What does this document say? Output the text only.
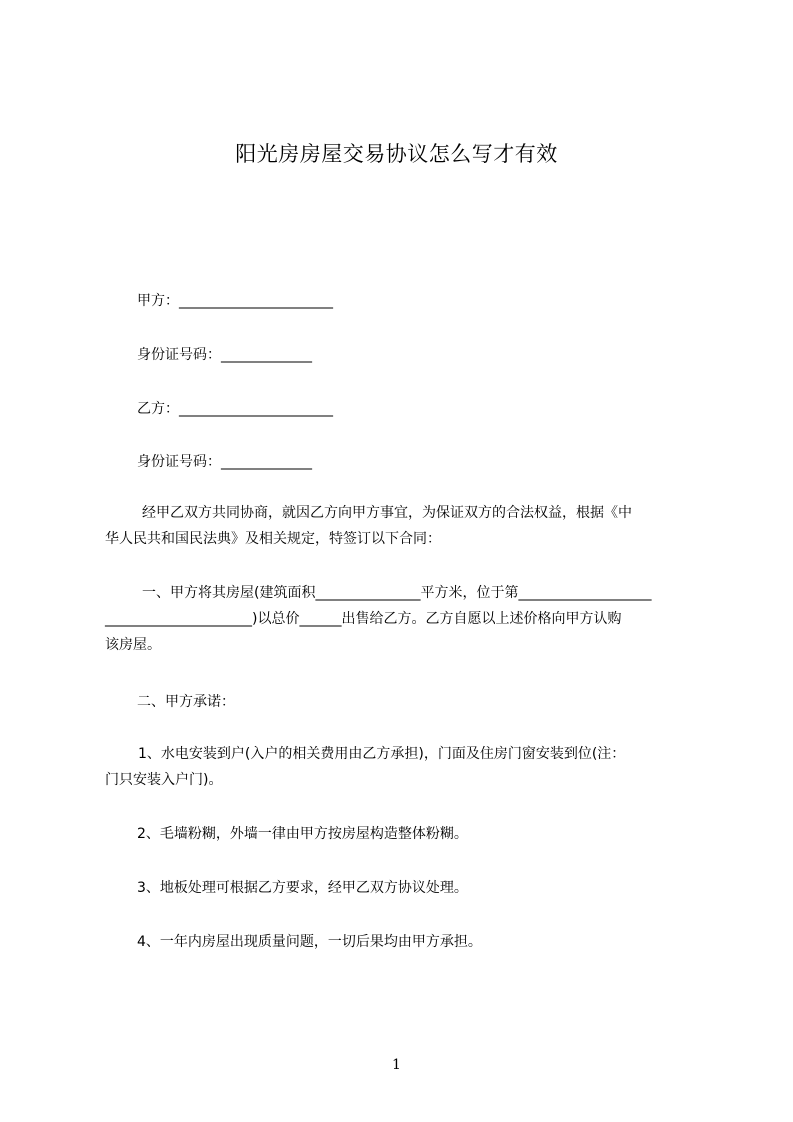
阳光房房屋交易协议怎么写才有效
甲方：______________________
身份证号码：_____________
乙方：______________________
身份证号码：_____________
经甲乙双方共同协商，就因乙方向甲方事宜，为保证双方的合法权益，根据《中
华人民共和国民法典》及相关规定，特签订以下合同：
一、甲方将其房屋(建筑面积_______________平方米，位于第___________________
_____________________)以总价______出售给乙方。乙方自愿以上述价格向甲方认购
该房屋。
二、甲方承诺：
1、水电安装到户(入户的相关费用由乙方承担)，门面及住房门窗安装到位(注：
门只安装入户门)。
2、毛墙粉糊，外墙一律由甲方按房屋构造整体粉糊。
3、地板处理可根据乙方要求，经甲乙双方协议处理。
4、一年内房屋出现质量问题，一切后果均由甲方承担。
1
